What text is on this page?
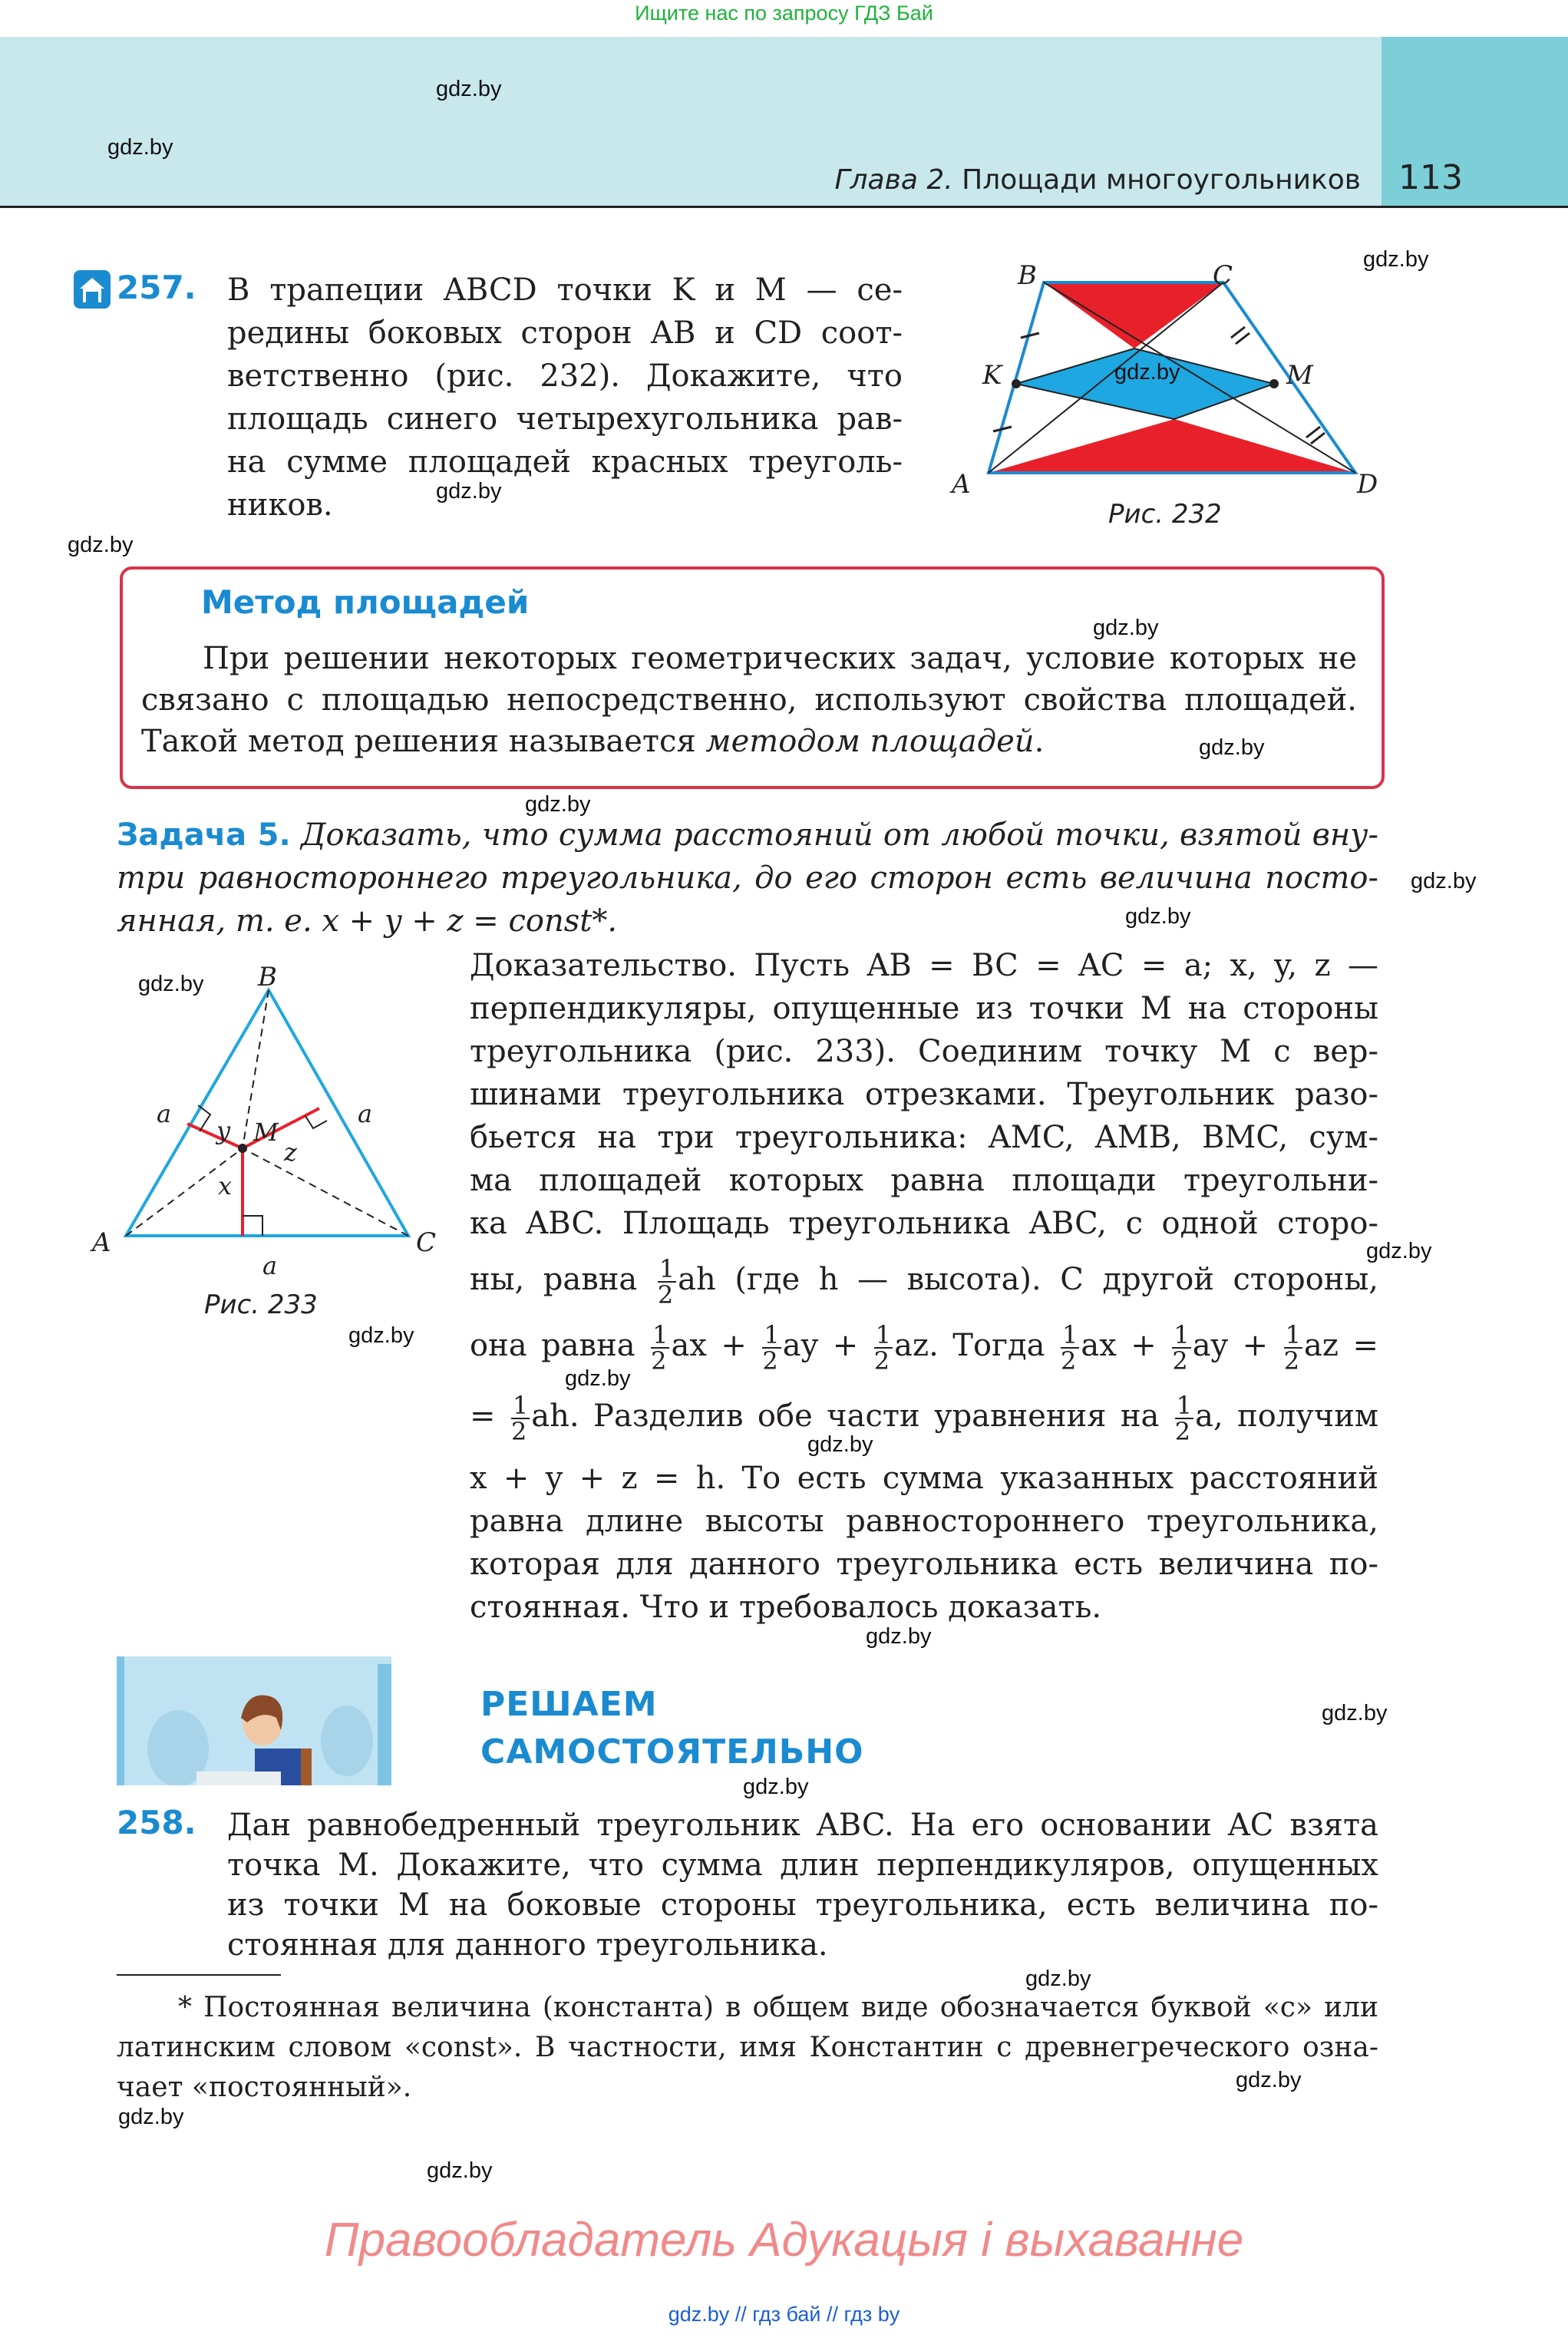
Ищите нас по запросу ГДЗ Бай
Глава 2. Площади многоугольников 113
gdz.by
gdz.by
gdz.by
gdz.by
gdz.by
gdz.by
gdz.by
gdz.by
gdz.by
gdz.by
gdz.by
gdz.by
gdz.by
gdz.by
gdz.by
gdz.by
gdz.by
gdz.by
gdz.by
gdz.by
gdz.by
gdz.by
257. В трапеции ABCD точки K и M — се-
редины боковых сторон AB и CD соот-
ветственно (рис. 232). Докажите, что
площадь синего четырехугольника рав-
на сумме площадей красных треуголь-
ников.
B	C
K	M
A	D
gdz.by
Рис. 232
Метод площадей
При решении некоторых геометрических задач, условие которых не
связано с площадью непосредственно, используют свойства площадей.
Такой метод решения называется методом площадей.
Задача 5. Доказать, что сумма расстояний от любой точки, взятой вну-
три равностороннего треугольника, до его сторон есть величина посто-
янная, т. е. x + y + z = const*.
B
A	C
M
x
y
z
a	a
a
Рис. 233
Доказательство. Пусть AB = BC = AC = a; x, y, z —
перпендикуляры, опущенные из точки M на стороны
треугольника (рис. 233). Соединим точку M с вер-
шинами треугольника отрезками. Треугольник разо-
бьется на три треугольника: AMC, AMB, BMC, сум-
ма площадей которых равна площади треугольни-
ка ABC. Площадь треугольника ABC, с одной сторо-
ны, равна $\frac{1}{2}$ ah (где h — высота). С другой стороны,
она равна $\frac{1}{2}$ ax + $\frac{1}{2}$ ay + $\frac{1}{2}$ az. Тогда $\frac{1}{2}$ ax + $\frac{1}{2}$ ay + $\frac{1}{2}$ az =
= $\frac{1}{2}$ ah. Разделив обе части уравнения на $\frac{1}{2} a$, получим
x + y + z = h. То есть сумма указанных расстояний
равна длине высоты равностороннего треугольника,
которая для данного треугольника есть величина по-
стоянная. Что и требовалось доказать.
РЕШАЕМ
САМОСТОЯТЕЛЬНО
258. Дан равнобедренный треугольник ABC. На его основании AC взята
точка M. Докажите, что сумма длин перпендикуляров, опущенных
из точки M на боковые стороны треугольника, есть величина по-
стоянная для данного треугольника.
* Постоянная величина (константа) в общем виде обозначается буквой «c» или
латинским словом «const». В частности, имя Константин с древнегреческого озна-
чает «постоянный».
Правообладатель Адукацыя і выхаванне
gdz.by // гдз бай // гдз by
